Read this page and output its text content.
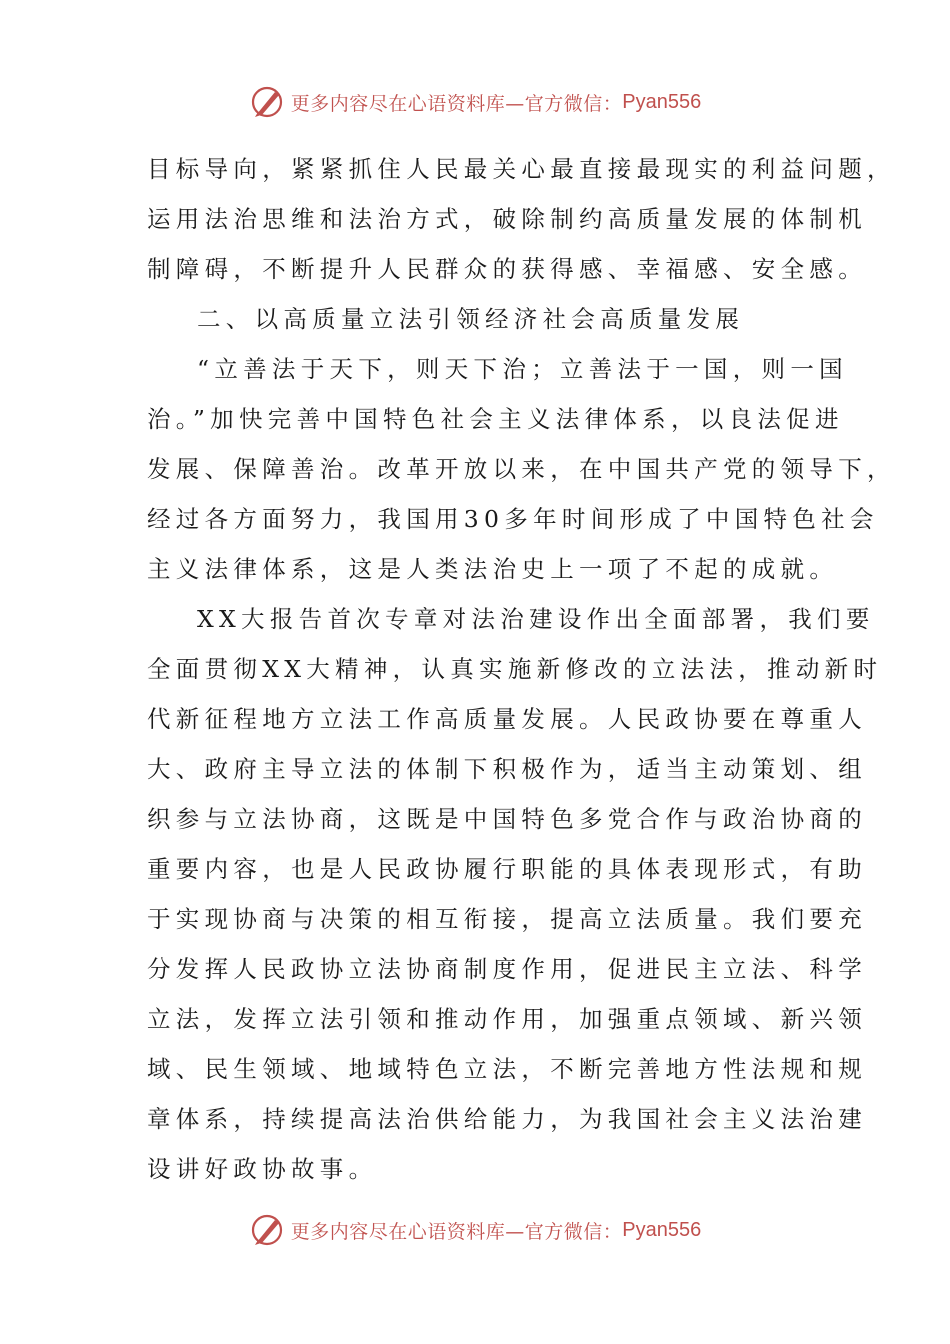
更多内容尽在心语资料库—官方微信： Pyan556
目标导向，紧紧抓住人民最关心最直接最现实的利益问题，
运用法治思维和法治方式，破除制约高质量发展的体制机
制障碍，不断提升人民群众的获得感、幸福感、安全感。
二、以高质量立法引领经济社会高质量发展
“立善法于天下，则天下治；立善法于一国，则一国
治。”加快完善中国特色社会主义法律体系，以良法促进
发展、保障善治。改革开放以来，在中国共产党的领导下，
经过各方面努力，我国用30多年时间形成了中国特色社会
主义法律体系，这是人类法治史上一项了不起的成就。
XX大报告首次专章对法治建设作出全面部署，我们要
全面贯彻XX大精神，认真实施新修改的立法法，推动新时
代新征程地方立法工作高质量发展。人民政协要在尊重人
大、政府主导立法的体制下积极作为，适当主动策划、组
织参与立法协商，这既是中国特色多党合作与政治协商的
重要内容，也是人民政协履行职能的具体表现形式，有助
于实现协商与决策的相互衔接，提高立法质量。我们要充
分发挥人民政协立法协商制度作用，促进民主立法、科学
立法，发挥立法引领和推动作用，加强重点领域、新兴领
域、民生领域、地域特色立法，不断完善地方性法规和规
章体系，持续提高法治供给能力，为我国社会主义法治建
设讲好政协故事。
更多内容尽在心语资料库—官方微信： Pyan556
